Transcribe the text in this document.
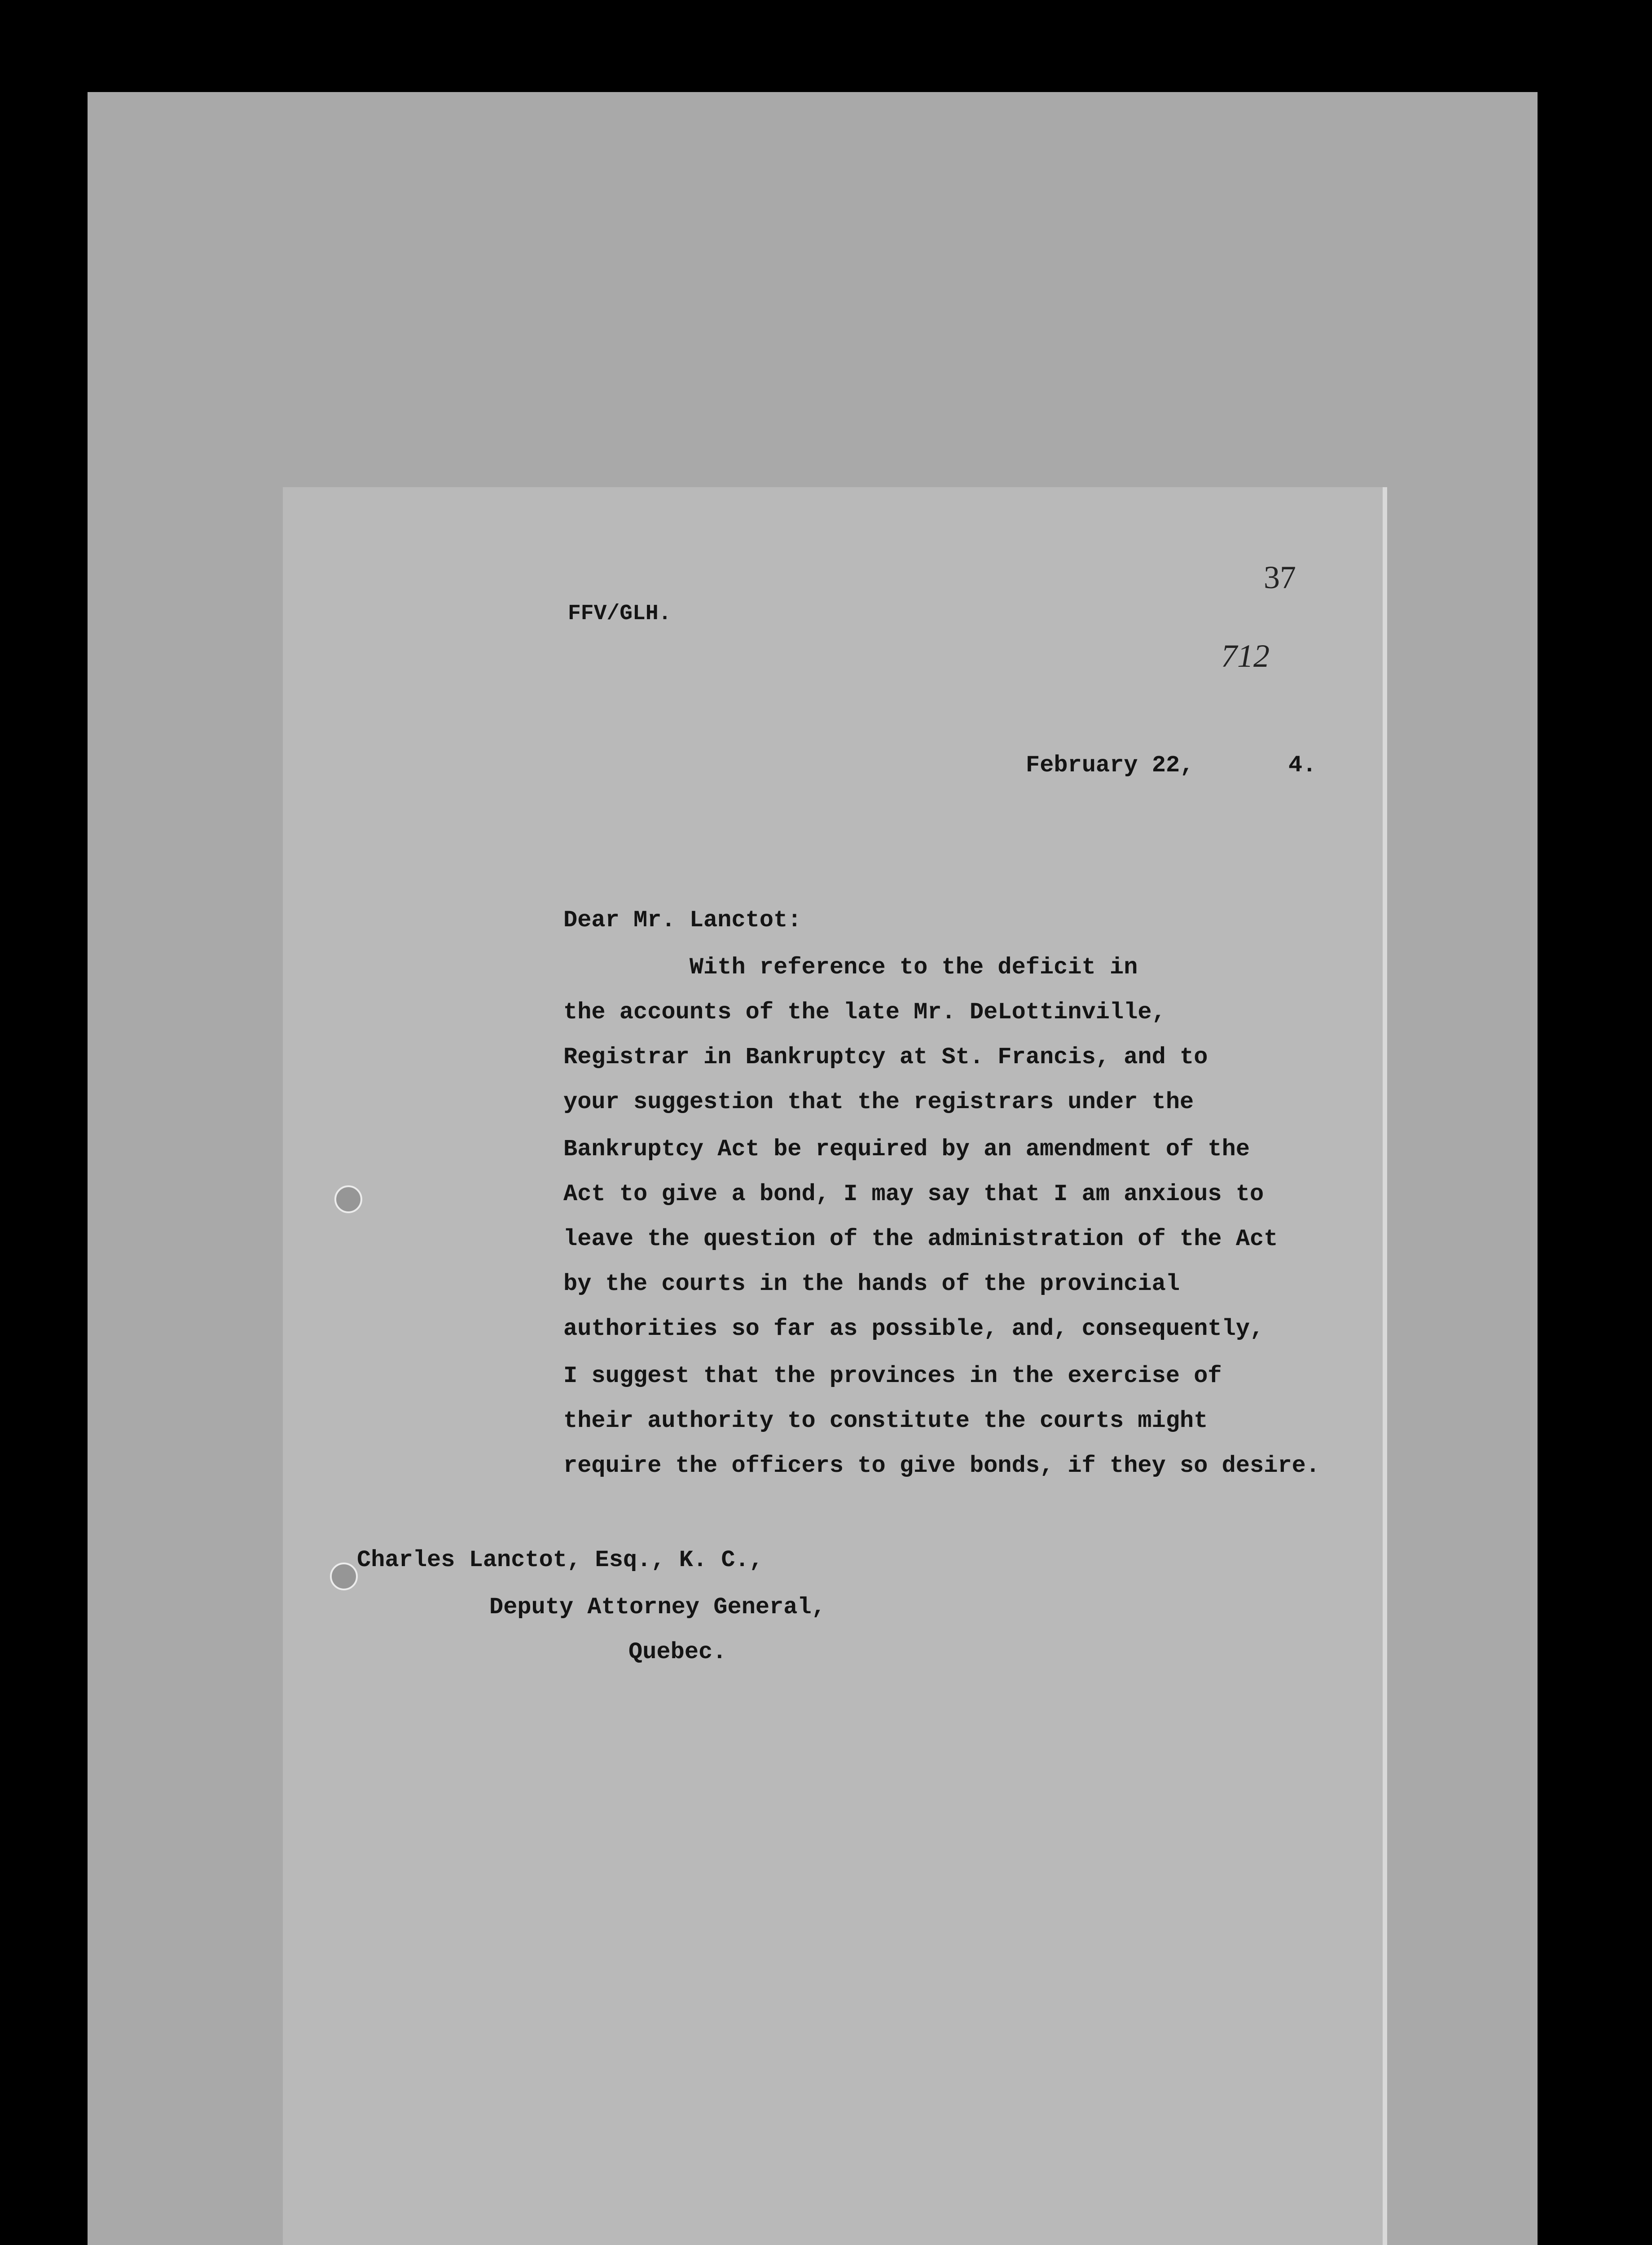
FFV/GLH.
37
712
February 22,	4.
Dear Mr. Lanctot:
With reference to the deficit in
the accounts of the late Mr. DeLottinville,
Registrar in Bankruptcy at St. Francis, and to
your suggestion that the registrars under the
Bankruptcy Act be required by an amendment of the
Act to give a bond, I may say that I am anxious to
leave the question of the administration of the Act
by the courts in the hands of the provincial
authorities so far as possible, and, consequently,
I suggest that the provinces in the exercise of
their authority to constitute the courts might
require the officers to give bonds, if they so desire.
Charles Lanctot, Esq., K. C.,
Deputy Attorney General,
Quebec.
